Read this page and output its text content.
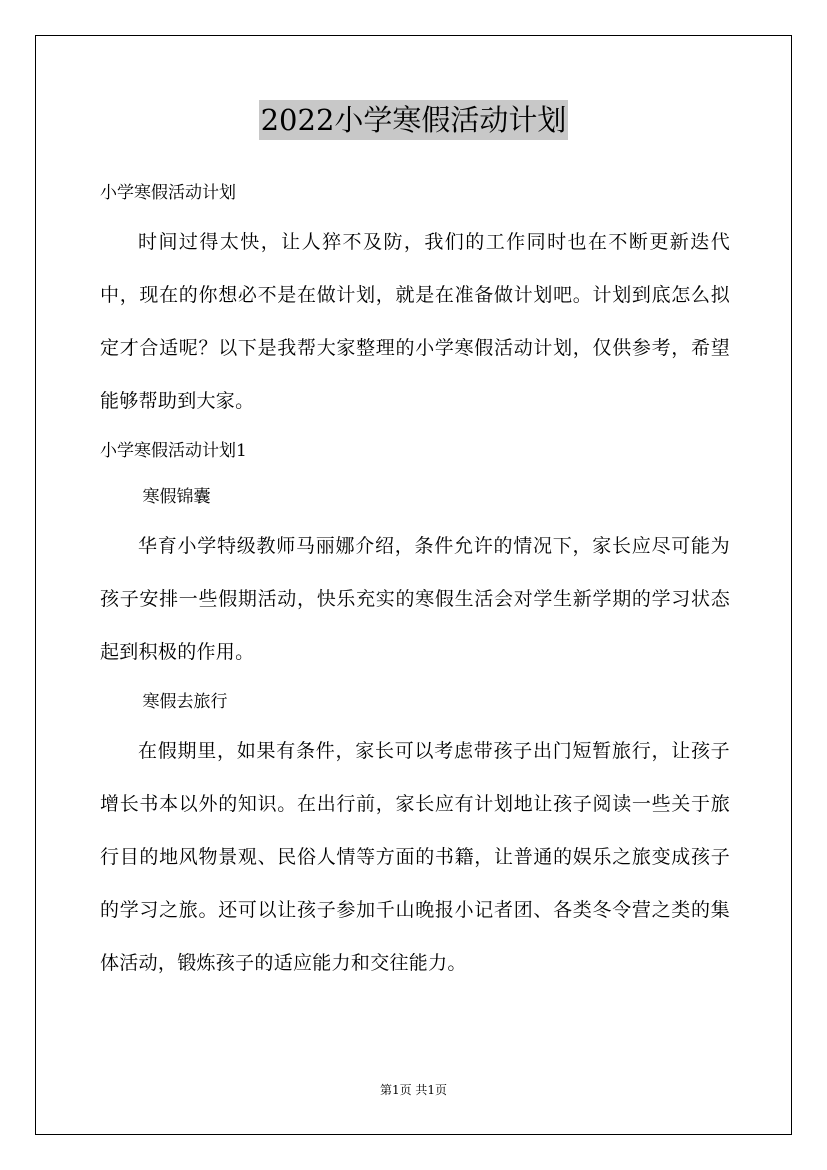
2022小学寒假活动计划

小学寒假活动计划

时间过得太快，让人猝不及防，我们的工作同时也在不断更新迭代中，现在的你想必不是在做计划，就是在准备做计划吧。计划到底怎么拟定才合适呢？以下是我帮大家整理的小学寒假活动计划，仅供参考，希望能够帮助到大家。

小学寒假活动计划1

寒假锦囊

华育小学特级教师马丽娜介绍，条件允许的情况下，家长应尽可能为孩子安排一些假期活动，快乐充实的寒假生活会对学生新学期的学习状态起到积极的作用。

寒假去旅行

在假期里，如果有条件，家长可以考虑带孩子出门短暂旅行，让孩子增长书本以外的知识。在出行前，家长应有计划地让孩子阅读一些关于旅行目的地风物景观、民俗人情等方面的书籍，让普通的娱乐之旅变成孩子的学习之旅。还可以让孩子参加千山晚报小记者团、各类冬令营之类的集体活动，锻炼孩子的适应能力和交往能力。

第1页 共1页
